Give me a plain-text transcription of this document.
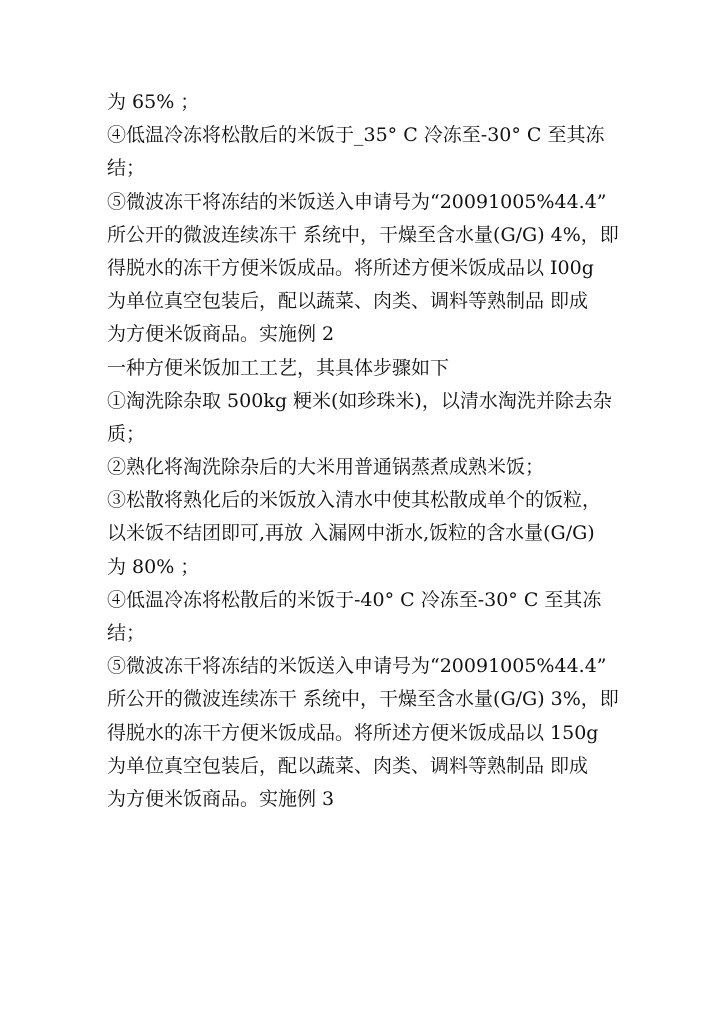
为 65% ；
④低温冷冻将松散后的米饭于_35° C 冷冻至-30° C 至其冻
结；
⑤微波冻干将冻结的米饭送入申请号为“20091005%44.4”
所公开的微波连续冻干 系统中，干燥至含水量(G/G) 4%，即
得脱水的冻干方便米饭成品。将所述方便米饭成品以 I00g
为单位真空包装后，配以蔬菜、肉类、调料等熟制品 即成
为方便米饭商品。实施例 2
一种方便米饭加工工艺，其具体步骤如下
①淘洗除杂取 500kg 粳米(如珍珠米)，以清水淘洗并除去杂
质；
②熟化将淘洗除杂后的大米用普通锅蒸煮成熟米饭；
③松散将熟化后的米饭放入清水中使其松散成单个的饭粒，
以米饭不结团即可,再放 入漏网中浙水,饭粒的含水量(G/G)
为 80% ；
④低温冷冻将松散后的米饭于-40° C 冷冻至-30° C 至其冻
结；
⑤微波冻干将冻结的米饭送入申请号为“20091005%44.4”
所公开的微波连续冻干 系统中，干燥至含水量(G/G) 3%，即
得脱水的冻干方便米饭成品。将所述方便米饭成品以 150g
为单位真空包装后，配以蔬菜、肉类、调料等熟制品 即成
为方便米饭商品。实施例 3
